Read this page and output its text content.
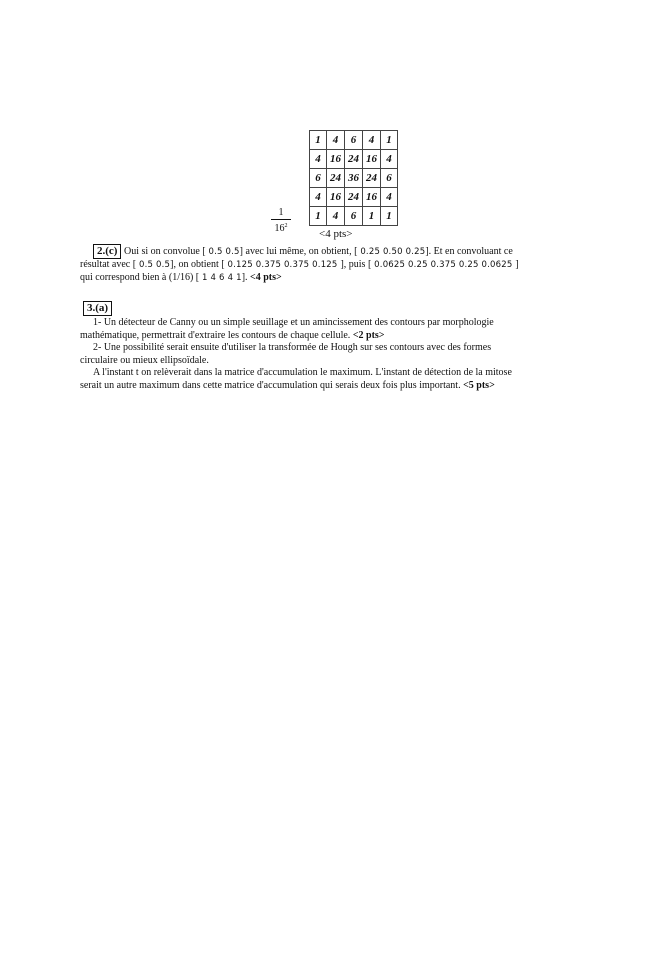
$\frac{1}{16^2}$
1	4	6	4	1
4	16	24	16	4
6	24	36	24	6
4	16	24	16	4
1	4	6	1	1
<4 pts>
2.(c) Oui si on convolue [ 0.5 0.5] avec lui même, on obtient, [ 0.25 0.50 0.25]. Et en convoluant ce
résultat avec [ 0.5 0.5], on obtient [ 0.125 0.375 0.375 0.125 ], puis [ 0.0625 0.25 0.375 0.25 0.0625 ]
qui correspond bien à (1/16) [ 1 4 6 4 1]. <4 pts>
3.(a)
1- Un détecteur de Canny ou un simple seuillage et un amincissement des contours par morphologie
mathématique, permettrait d'extraire les contours de chaque cellule. <2 pts>
2- Une possibilité serait ensuite d'utiliser la transformée de Hough sur ses contours avec des formes
circulaire ou mieux ellipsoïdale.
A l'instant t on relèverait dans la matrice d'accumulation le maximum. L'instant de détection de la mitose
serait un autre maximum dans cette matrice d'accumulation qui serais deux fois plus important. <5 pts>
